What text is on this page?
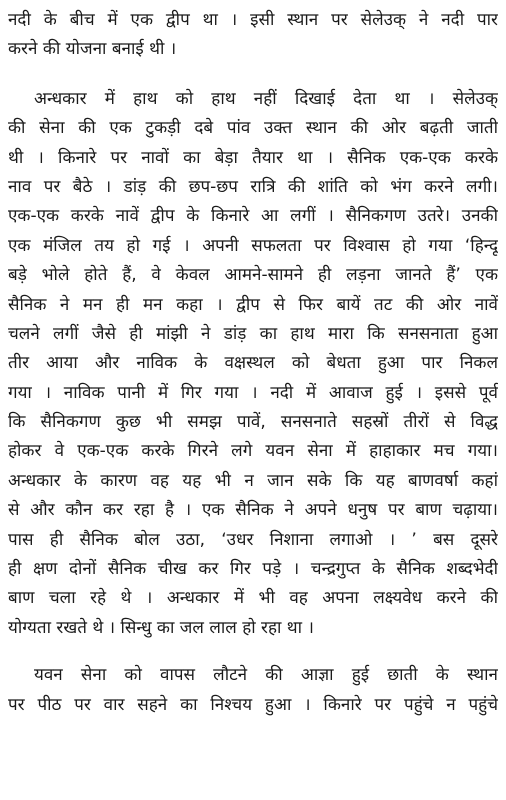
नदी के बीच में एक द्वीप था । इसी स्थान पर सेलेउक् ने नदी पार
करने की योजना बनाई थी ।
अन्धकार में हाथ को हाथ नहीं दिखाई देता था । सेलेउक्
की सेना की एक टुकड़ी दबे पांव उक्त स्थान की ओर बढ़ती जाती
थी । किनारे पर नावों का बेड़ा तैयार था । सैनिक एक-एक करके
नाव पर बैठे । डांड़ की छप-छप रात्रि की शांति को भंग करने लगी।
एक-एक करके नावें द्वीप के किनारे आ लगीं । सैनिकगण उतरे। उनकी
एक मंजिल तय हो गई । अपनी सफलता पर विश्वास हो गया ‘हिन्दू
बड़े भोले होते हैं, वे केवल आमने-सामने ही लड़ना जानते हैं’ एक
सैनिक ने मन ही मन कहा । द्वीप से फिर बायें तट की ओर नावें
चलने लगीं जैसे ही मांझी ने डांड़ का हाथ मारा कि सनसनाता हुआ
तीर आया और नाविक के वक्षस्थल को बेधता हुआ पार निकल
गया । नाविक पानी में गिर गया । नदी में आवाज हुई । इससे पूर्व
कि सैनिकगण कुछ भी समझ पावें, सनसनाते सहस्रों तीरों से विद्ध
होकर वे एक-एक करके गिरने लगे यवन सेना में हाहाकार मच गया।
अन्धकार के कारण वह यह भी न जान सके कि यह बाणवर्षा कहां
से और कौन कर रहा है । एक सैनिक ने अपने धनुष पर बाण चढ़ाया।
पास ही सैनिक बोल उठा, ‘उधर निशाना लगाओ । ’ बस दूसरे
ही क्षण दोनों सैनिक चीख कर गिर पड़े । चन्द्रगुप्त के सैनिक शब्दभेदी
बाण चला रहे थे । अन्धकार में भी वह अपना लक्ष्यवेध करने की
योग्यता रखते थे । सिन्धु का जल लाल हो रहा था ।
यवन सेना को वापस लौटने की आज्ञा हुई छाती के स्थान
पर पीठ पर वार सहने का निश्चय हुआ । किनारे पर पहुंचे न पहुंचे
